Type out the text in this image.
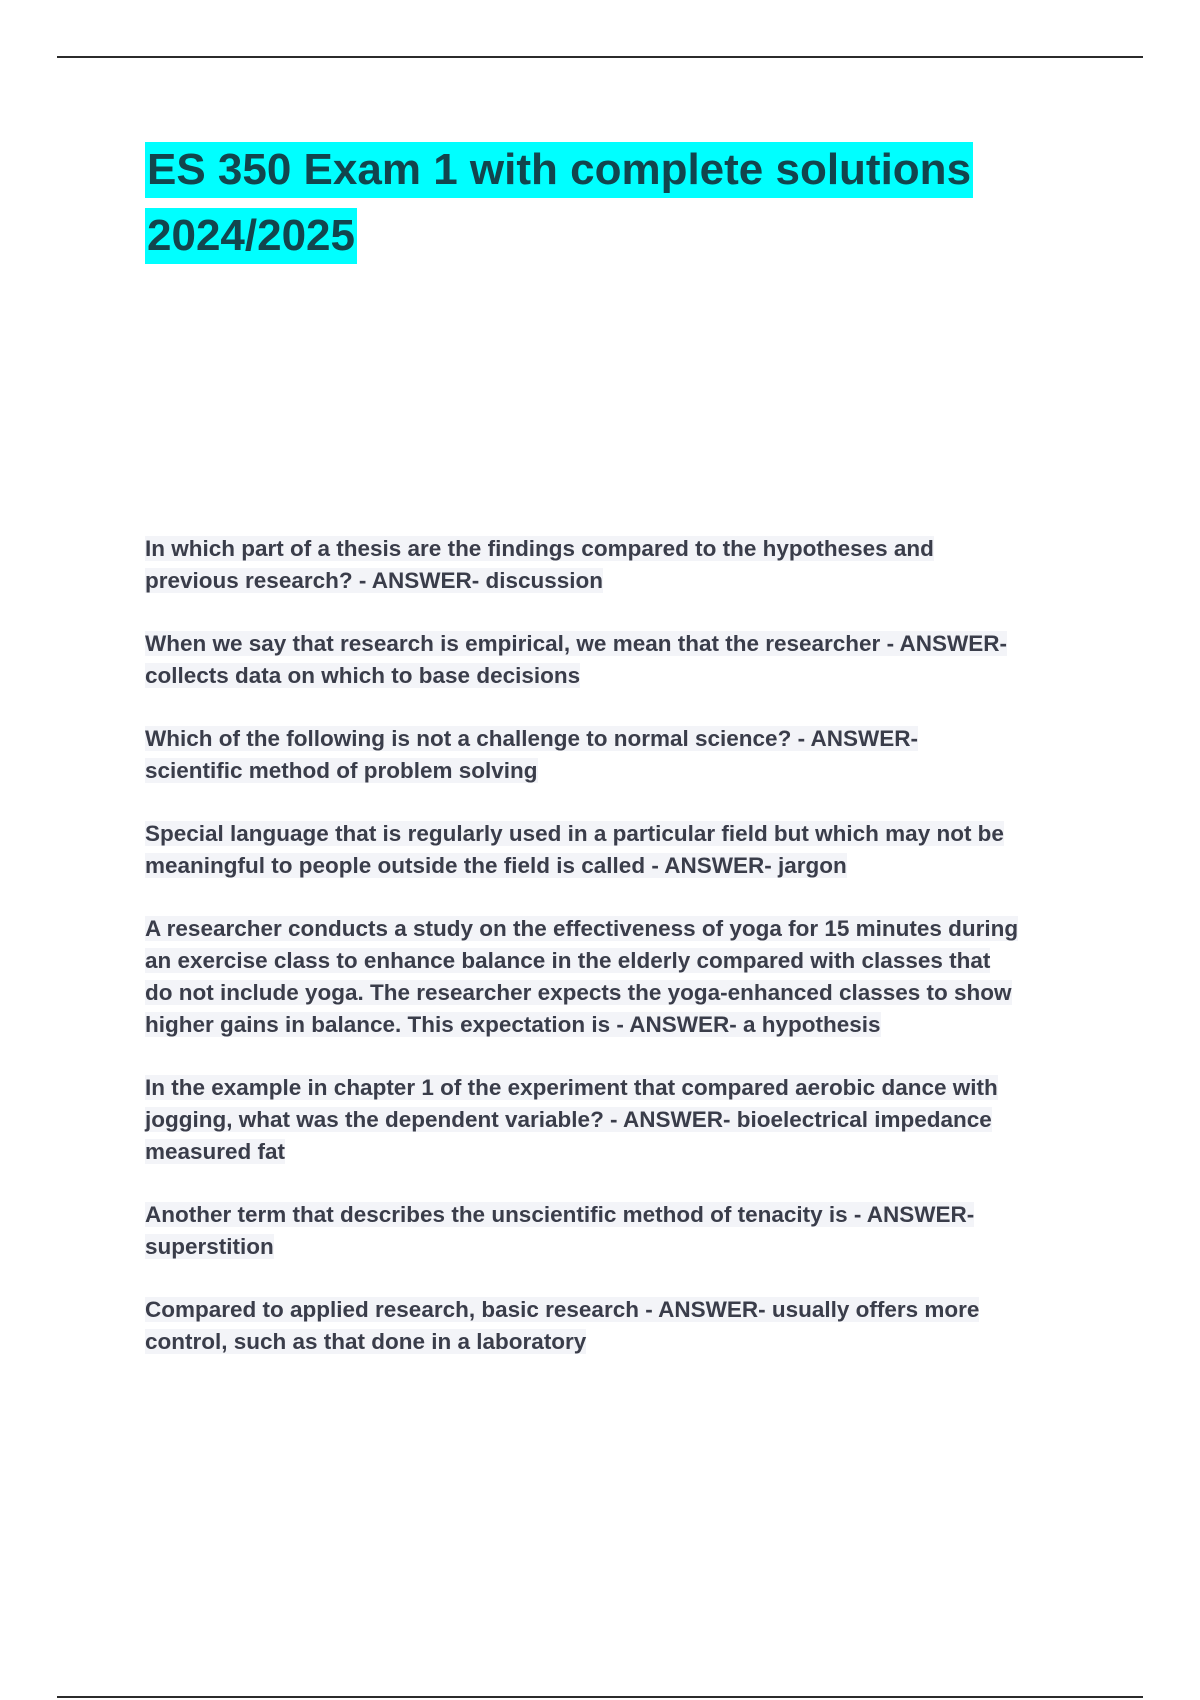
ES 350 Exam 1 with complete solutions
2024/2025
In which part of a thesis are the findings compared to the hypotheses and
previous research? - ANSWER- discussion
When we say that research is empirical, we mean that the researcher - ANSWER-
collects data on which to base decisions
Which of the following is not a challenge to normal science? - ANSWER-
scientific method of problem solving
Special language that is regularly used in a particular field but which may not be
meaningful to people outside the field is called - ANSWER- jargon
A researcher conducts a study on the effectiveness of yoga for 15 minutes during
an exercise class to enhance balance in the elderly compared with classes that
do not include yoga. The researcher expects the yoga-enhanced classes to show
higher gains in balance. This expectation is - ANSWER- a hypothesis
In the example in chapter 1 of the experiment that compared aerobic dance with
jogging, what was the dependent variable? - ANSWER- bioelectrical impedance
measured fat
Another term that describes the unscientific method of tenacity is - ANSWER-
superstition
Compared to applied research, basic research - ANSWER- usually offers more
control, such as that done in a laboratory
